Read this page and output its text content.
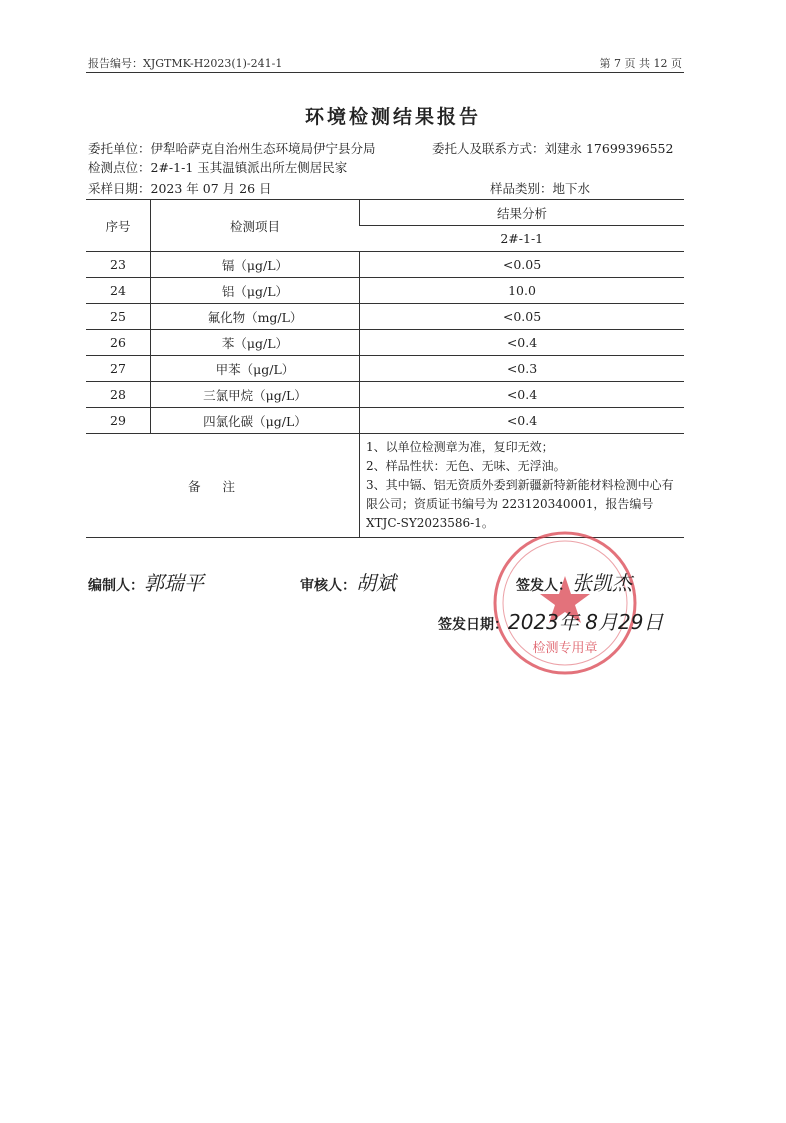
报告编号：XJGTMK-H2023(1)-241-1	第 7 页 共 12 页
环境检测结果报告
委托单位：伊犁哈萨克自治州生态环境局伊宁县分局	委托人及联系方式：刘建永 17699396552
检测点位：2#-1-1 玉其温镇派出所左侧居民家
采样日期：2023 年 07 月 26 日	样品类别：地下水
序号	检测项目	结果分析
		2#-1-1
23	镉（μg/L）	<0.05
24	铝（μg/L）	10.0
25	氟化物（mg/L）	<0.05
26	苯（μg/L）	<0.4
27	甲苯（μg/L）	<0.3
28	三氯甲烷（μg/L）	<0.4
29	四氯化碳（μg/L）	<0.4
备注		1、以单位检测章为准，复印无效；
2、样品性状：无色、无味、无浮油。
3、其中镉、铝无资质外委到新疆新特新能材料检测中心有限公司；资质证书编号为 223120340001，报告编号 XTJC-SY2023586-1。
检测专用章
编制人：郭瑞平	审核人：胡斌	签发人：张凯杰
签发日期：2023年 8月29日
